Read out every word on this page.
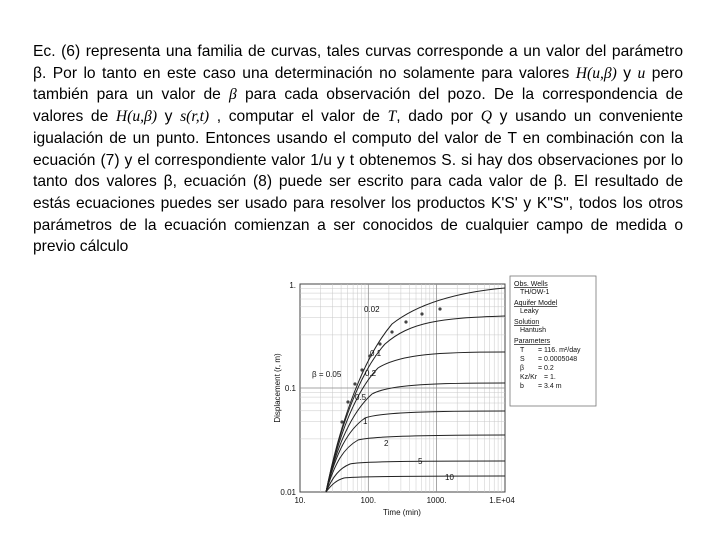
Ec. (6) representa una familia de curvas, tales curvas corresponde a un valor del parámetro β. Por lo tanto en este caso una determinación no solamente para valores H(u,β) y u pero también para un valor de β para cada observación del pozo. De la correspondencia de valores de H(u,β) y s(r,t) , computar el valor de T, dado por Q y usando un conveniente igualación de un punto. Entonces usando el computo del valor de T en combinación con la ecuación (7) y el correspondiente valor 1/u y t obtenemos S. si hay dos observaciones por lo tanto dos valores β, ecuación (8) puede ser escrito para cada valor de β. El resultado de estás ecuaciones puedes ser usado para resolver los productos K'S' y K"S", todos los otros parámetros de la ecuación comienzan a ser conocidos de cualquier campo de medida o previo cálculo
0.02
0.1
0.2
0.5
1
2
5
10
β = 0.05
1.
0.1
0.01
10.	100.	1000.	1.E+04
Time (min)
Displacement (r, m)
Obs. Wells
TH/OW-1
Aquifer Model
Leaky
Solution
Hantush
Parameters
T = 116. m²/day
S = 0.0005048
β = 0.2
Kz/Kr = 1.
b = 3.4 m
